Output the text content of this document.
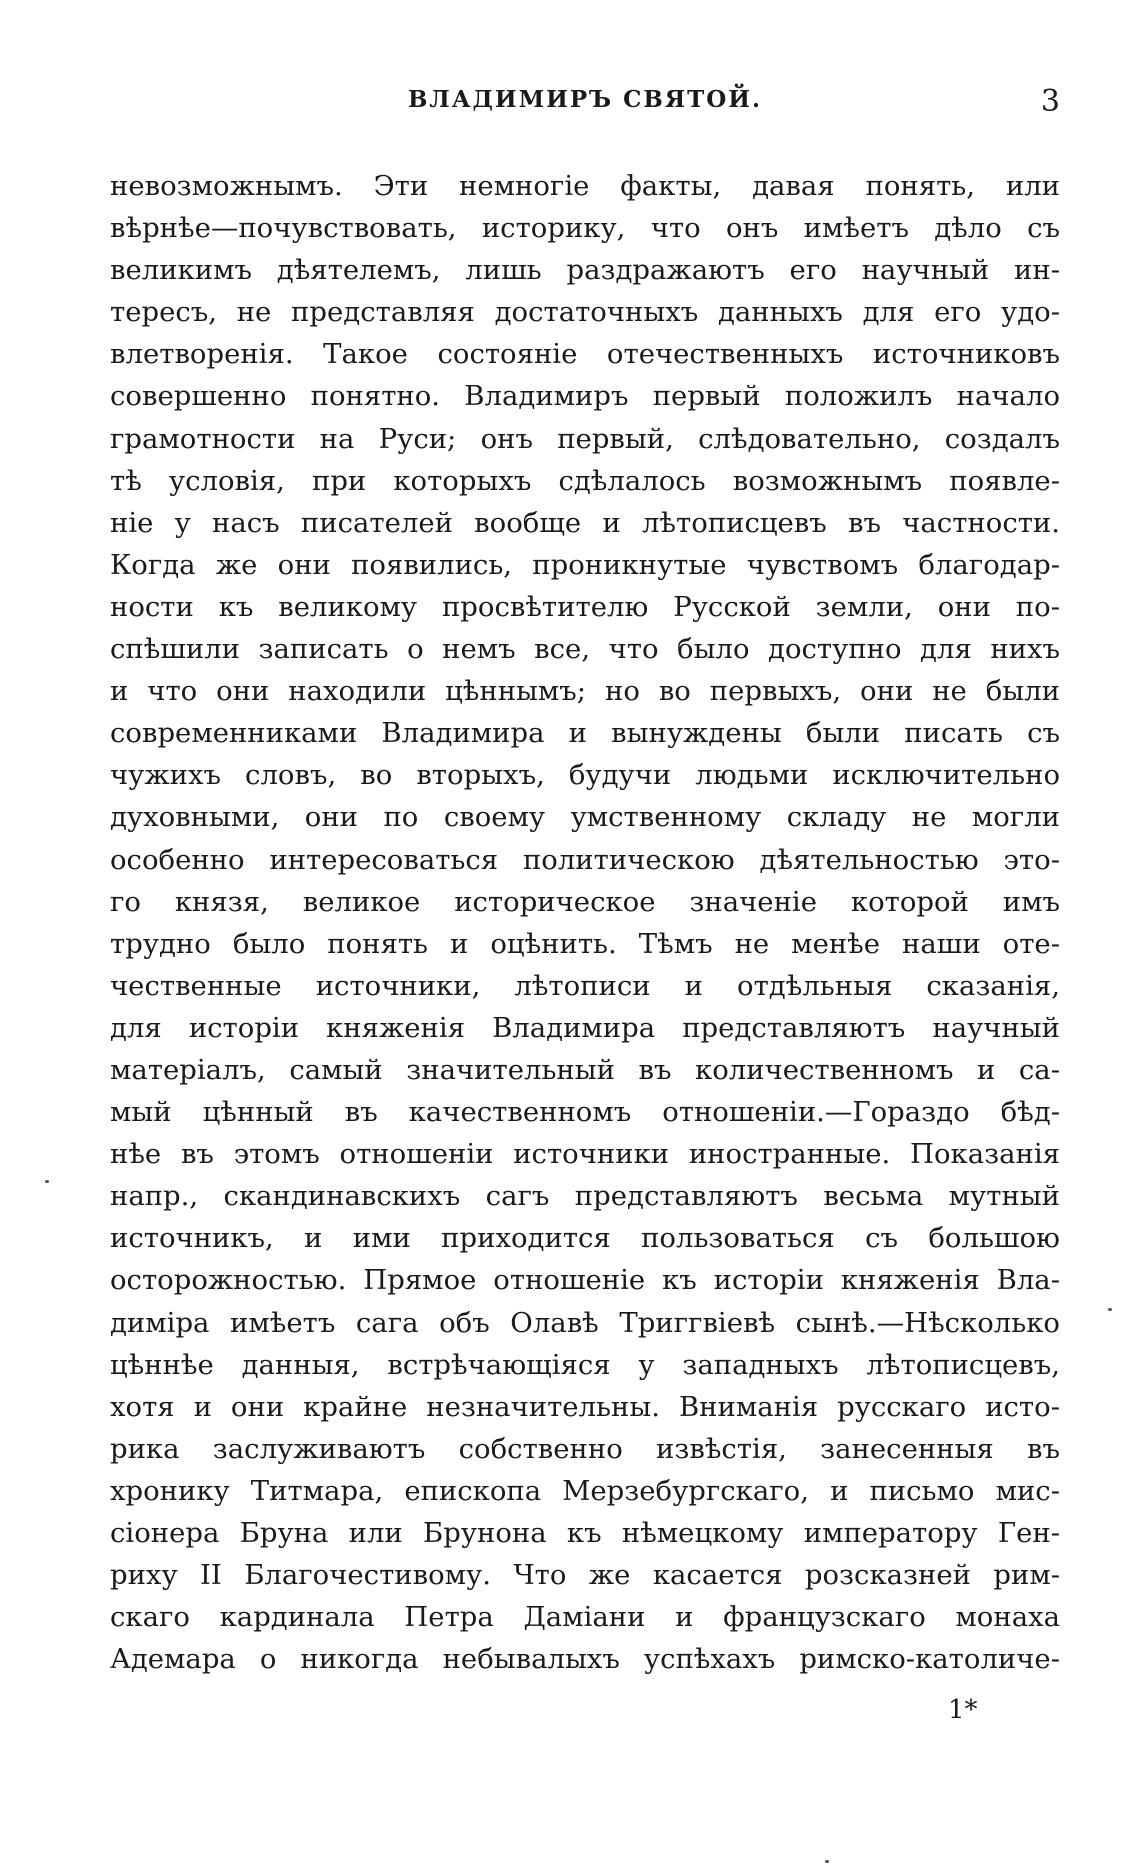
ВЛАДИМИРЪ СВЯТОЙ.	3
невозможнымъ. Эти немногіе факты, давая понять, или
вѣрнѣе—почувствовать, историку, что онъ имѣетъ дѣло съ
великимъ дѣятелемъ, лишь раздражаютъ его научный ин-
тересъ, не представляя достаточныхъ данныхъ для его удо-
влетворенія. Такое состояніе отечественныхъ источниковъ
совершенно понятно. Владимиръ первый положилъ начало
грамотности на Руси; онъ первый, слѣдовательно, создалъ
тѣ условія, при которыхъ сдѣлалось возможнымъ появле-
ніе у насъ писателей вообще и лѣтописцевъ въ частности.
Когда же они появились, проникнутые чувствомъ благодар-
ности къ великому просвѣтителю Русской земли, они по-
спѣшили записать о немъ все, что было доступно для нихъ
и что они находили цѣннымъ; но во первыхъ, они не были
современниками Владимира и вынуждены были писать съ
чужихъ словъ, во вторыхъ, будучи людьми исключительно
духовными, они по своему умственному складу не могли
особенно интересоваться политическою дѣятельностью это-
го князя, великое историческое значеніе которой имъ
трудно было понять и оцѣнить. Тѣмъ не менѣе наши оте-
чественные источники, лѣтописи и отдѣльныя сказанія,
для исторіи княженія Владимира представляютъ научный
матеріалъ, самый значительный въ количественномъ и са-
мый цѣнный въ качественномъ отношеніи.—Гораздо бѣд-
нѣе въ этомъ отношеніи источники иностранные. Показанія
напр., скандинавскихъ сагъ представляютъ весьма мутный
источникъ, и ими приходится пользоваться съ большою
осторожностью. Прямое отношеніе къ исторіи княженія Вла-
диміра имѣетъ сага объ Олавѣ Триггвіевѣ сынѣ.—Нѣсколько
цѣннѣе данныя, встрѣчающіяся у западныхъ лѣтописцевъ,
хотя и они крайне незначительны. Вниманія русскаго исто-
рика заслуживаютъ собственно извѣстія, занесенныя въ
хронику Титмара, епископа Мерзебургскаго, и письмо мис-
сіонера Бруна или Брунона къ нѣмецкому императору Ген-
риху II Благочестивому. Что же касается розсказней рим-
скаго кардинала Петра Даміани и французскаго монаха
Адемара о никогда небывалыхъ успѣхахъ римско-католиче-
1*
